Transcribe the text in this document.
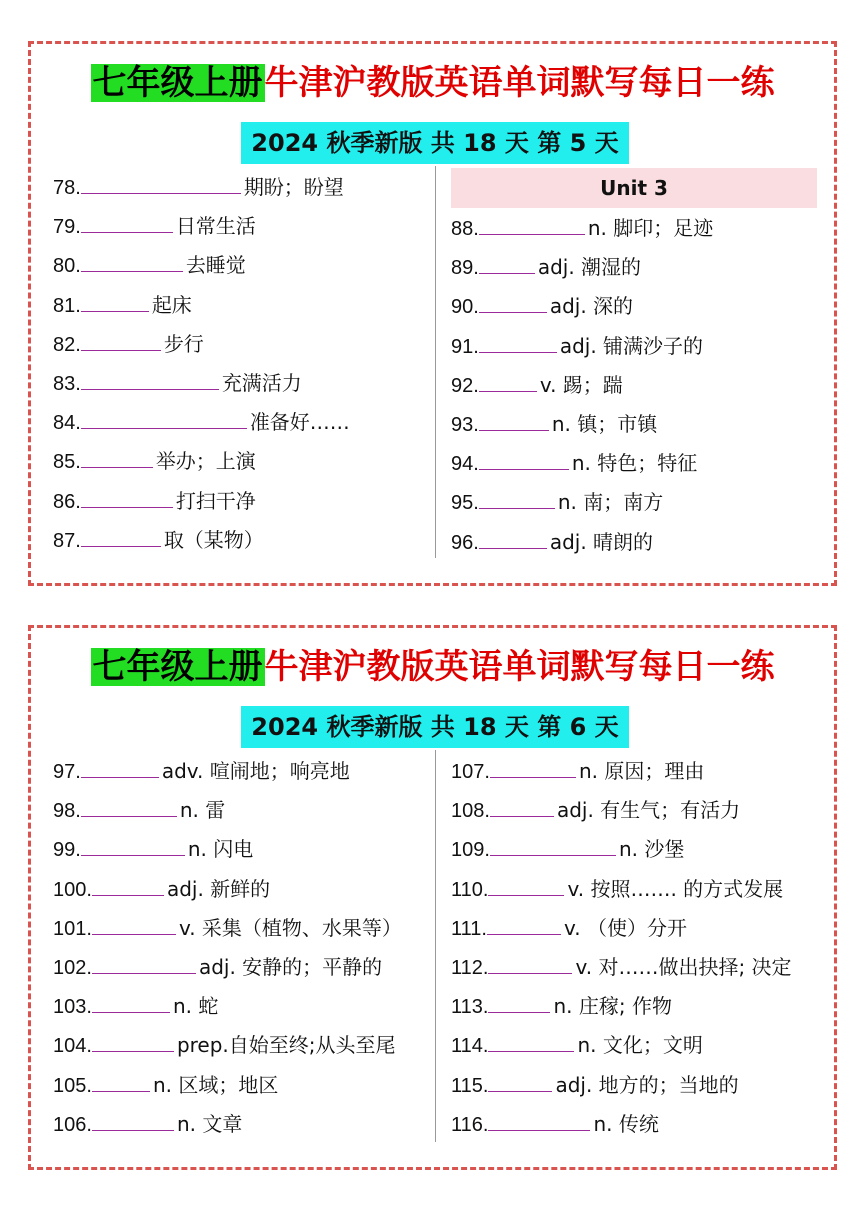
七年级上册牛津沪教版英语单词默写每日一练
2024 秋季新版 共 18 天 第 5 天
78.	期盼；盼望
79.	日常生活
80.	去睡觉
81.	起床
82.	步行
83.	充满活力
84.	准备好……
85.	举办；上演
86.	打扫干净
87.	取（某物）
Unit 3
88.	n. 脚印；足迹
89.	adj. 潮湿的
90.	adj. 深的
91.	adj. 铺满沙子的
92.	v. 踢；踹
93.	n. 镇；市镇
94.	n. 特色；特征
95.	n. 南；南方
96.	adj. 晴朗的
七年级上册牛津沪教版英语单词默写每日一练
2024 秋季新版 共 18 天 第 6 天
97.	adv. 喧闹地；响亮地
98.	n. 雷
99.	n. 闪电
100.	adj. 新鲜的
101.	v. 采集（植物、水果等）
102.	adj. 安静的；平静的
103.	n. 蛇
104.	prep.自始至终;从头至尾
105.	n. 区域；地区
106.	n. 文章
107.	n. 原因；理由
108.	adj. 有生气；有活力
109.	n. 沙堡
110.	v. 按照……. 的方式发展
111.	v. （使）分开
112.	v. 对……做出抉择; 决定
113.	n. 庄稼; 作物
114.	n. 文化；文明
115.	adj. 地方的；当地的
116.	n. 传统
